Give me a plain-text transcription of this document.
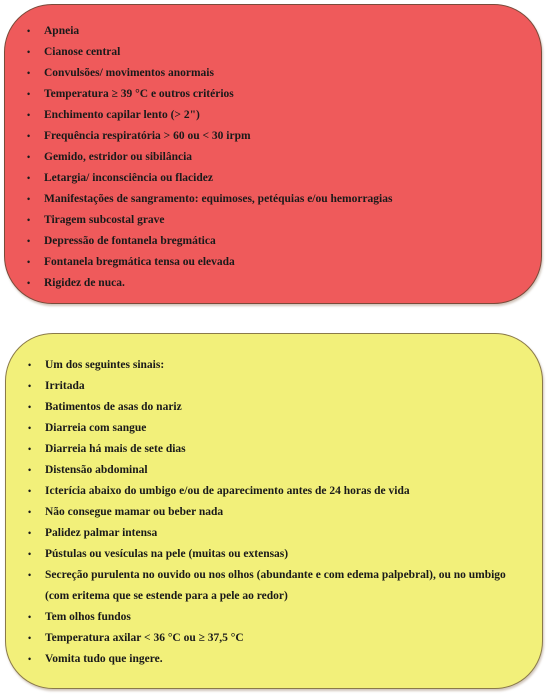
• Apneia
• Cianose central
• Convulsões/ movimentos anormais
• Temperatura ≥ 39 °C e outros critérios
• Enchimento capilar lento (> 2")
• Frequência respiratória > 60 ou < 30 irpm
• Gemido, estridor ou sibilância
• Letargia/ inconsciência ou flacidez
• Manifestações de sangramento: equimoses, petéquias e/ou hemorragias
• Tiragem subcostal grave
• Depressão de fontanela bregmática
• Fontanela bregmática tensa ou elevada
• Rigidez de nuca.
• Um dos seguintes sinais:
• Irritada
• Batimentos de asas do nariz
• Diarreia com sangue
• Diarreia há mais de sete dias
• Distensão abdominal
• Icterícia abaixo do umbigo e/ou de aparecimento antes de 24 horas de vida
• Não consegue mamar ou beber nada
• Palidez palmar intensa
• Pústulas ou vesículas na pele (muitas ou extensas)
• Secreção purulenta no ouvido ou nos olhos (abundante e com edema palpebral), ou no umbigo
(com eritema que se estende para a pele ao redor)
• Tem olhos fundos
• Temperatura axilar < 36 °C ou ≥ 37,5 °C
• Vomita tudo que ingere.
